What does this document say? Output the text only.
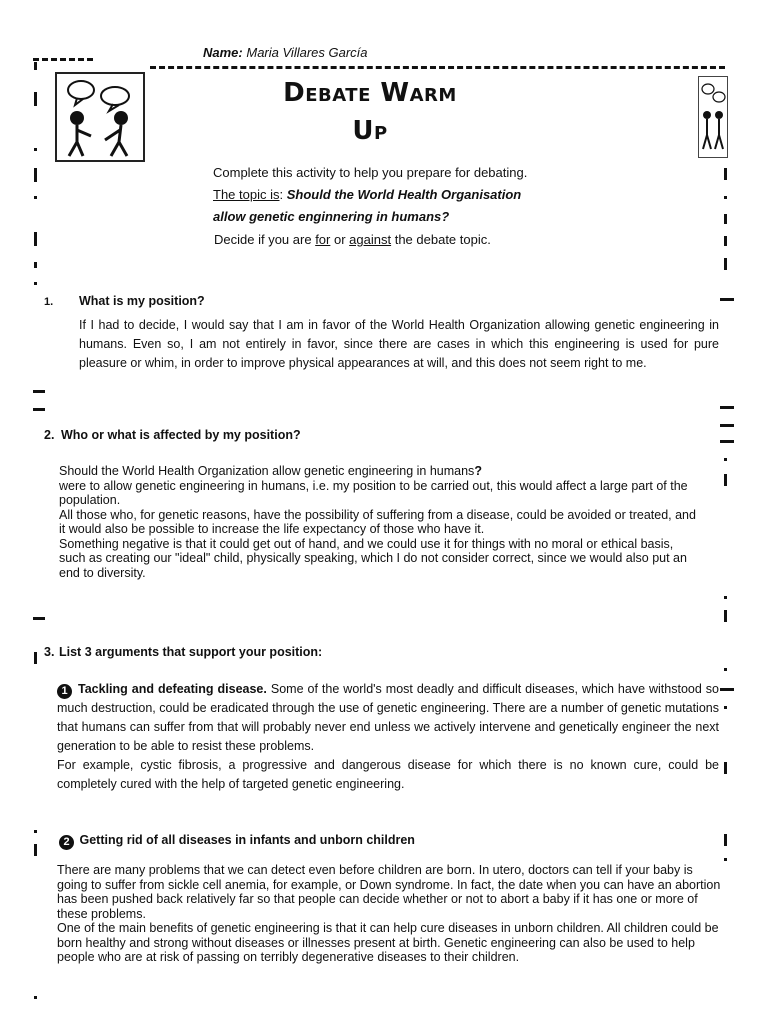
Name: Maria Villares García
Debate Warm
Up
Complete this activity to help you prepare for debating.
The topic is: Should the World Health Organisation
allow genetic enginnering in humans?
Decide if you are for or against the debate topic.
1. What is my position?
If I had to decide, I would say that I am in favor of the World Health Organization allowing genetic engineering in humans. Even so, I am not entirely in favor, since there are cases in which this engineering is used for pure pleasure or whim, in order to improve physical appearances at will, and this does not seem right to me.
2. Who or what is affected by my position?
Should the World Health Organization allow genetic engineering in humans?
were to allow genetic engineering in humans, i.e. my position to be carried out, this would affect a large part of the population.
All those who, for genetic reasons, have the possibility of suffering from a disease, could be avoided or treated, and it would also be possible to increase the life expectancy of those who have it.
Something negative is that it could get out of hand, and we could use it for things with no moral or ethical basis, such as creating our "ideal" child, physically speaking, which I do not consider correct, since we would also put an end to diversity.
3. List 3 arguments that support your position:
1 Tackling and defeating disease. Some of the world's most deadly and difficult diseases, which have withstood so much destruction, could be eradicated through the use of genetic engineering. There are a number of genetic mutations that humans can suffer from that will probably never end unless we actively intervene and genetically engineer the next generation to be able to resist these problems.
For example, cystic fibrosis, a progressive and dangerous disease for which there is no known cure, could be completely cured with the help of targeted genetic engineering.
2 Getting rid of all diseases in infants and unborn children
There are many problems that we can detect even before children are born. In utero, doctors can tell if your baby is going to suffer from sickle cell anemia, for example, or Down syndrome. In fact, the date when you can have an abortion has been pushed back relatively far so that people can decide whether or not to abort a baby if it has one or more of these problems.
One of the main benefits of genetic engineering is that it can help cure diseases in unborn children. All children could be born healthy and strong without diseases or illnesses present at birth. Genetic engineering can also be used to help people who are at risk of passing on terribly degenerative diseases to their children.
